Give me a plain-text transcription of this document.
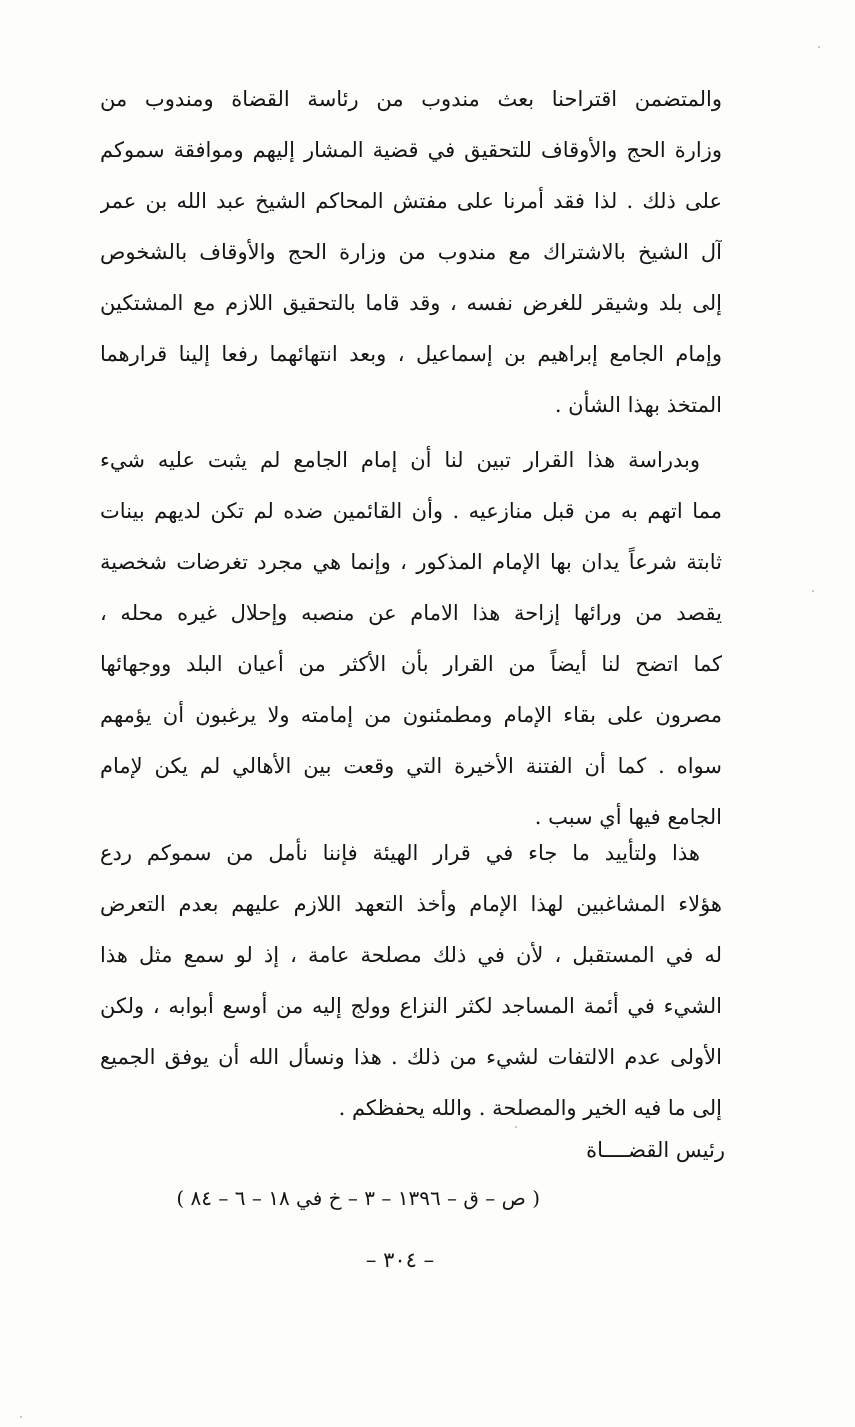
والمتضمن اقتراحنا بعث مندوب من رئاسة القضاة ومندوب من
وزارة الحج والأوقاف للتحقيق في قضية المشار إليهم وموافقة سموكم
على ذلك . لذا فقد أمرنا على مفتش المحاكم الشيخ عبد الله بن عمر
آل الشيخ بالاشتراك مع مندوب من وزارة الحج والأوقاف بالشخوص
إلى بلد وشيقر للغرض نفسه ، وقد قاما بالتحقيق اللازم مع المشتكين
وإمام الجامع إبراهيم بن إسماعيل ، وبعد انتهائهما رفعا إلينا قرارهما
المتخذ بهذا الشأن .
وبدراسة هذا القرار تبين لنا أن إمام الجامع لم يثبت عليه شيء
مما اتهم به من قبل منازعيه . وأن القائمين ضده لم تكن لديهم بينات
ثابتة شرعاً يدان بها الإمام المذكور ، وإنما هي مجرد تغرضات شخصية
يقصد من ورائها إزاحة هذا الامام عن منصبه وإحلال غيره محله ،
كما اتضح لنا أيضاً من القرار بأن الأكثر من أعيان البلد ووجهائها
مصرون على بقاء الإمام ومطمئنون من إمامته ولا يرغبون أن يؤمهم
سواه . كما أن الفتنة الأخيرة التي وقعت بين الأهالي لم يكن لإمام
الجامع فيها أي سبب .
هذا ولتأييد ما جاء في قرار الهيئة فإننا نأمل من سموكم ردع
هؤلاء المشاغبين لهذا الإمام وأخذ التعهد اللازم عليهم بعدم التعرض
له في المستقبل ، لأن في ذلك مصلحة عامة ، إذ لو سمع مثل هذا
الشيء في أئمة المساجد لكثر النزاع وولج إليه من أوسع أبوابه ، ولكن
الأولى عدم الالتفات لشيء من ذلك . هذا ونسأل الله أن يوفق الجميع
إلى ما فيه الخير والمصلحة . والله يحفظكم .
رئيس القضــــاة
( ص – ق – ١٣٩٦ – ٣ – خ في ١٨ – ٦ – ٨٤ )
– ٣٠٤ –
